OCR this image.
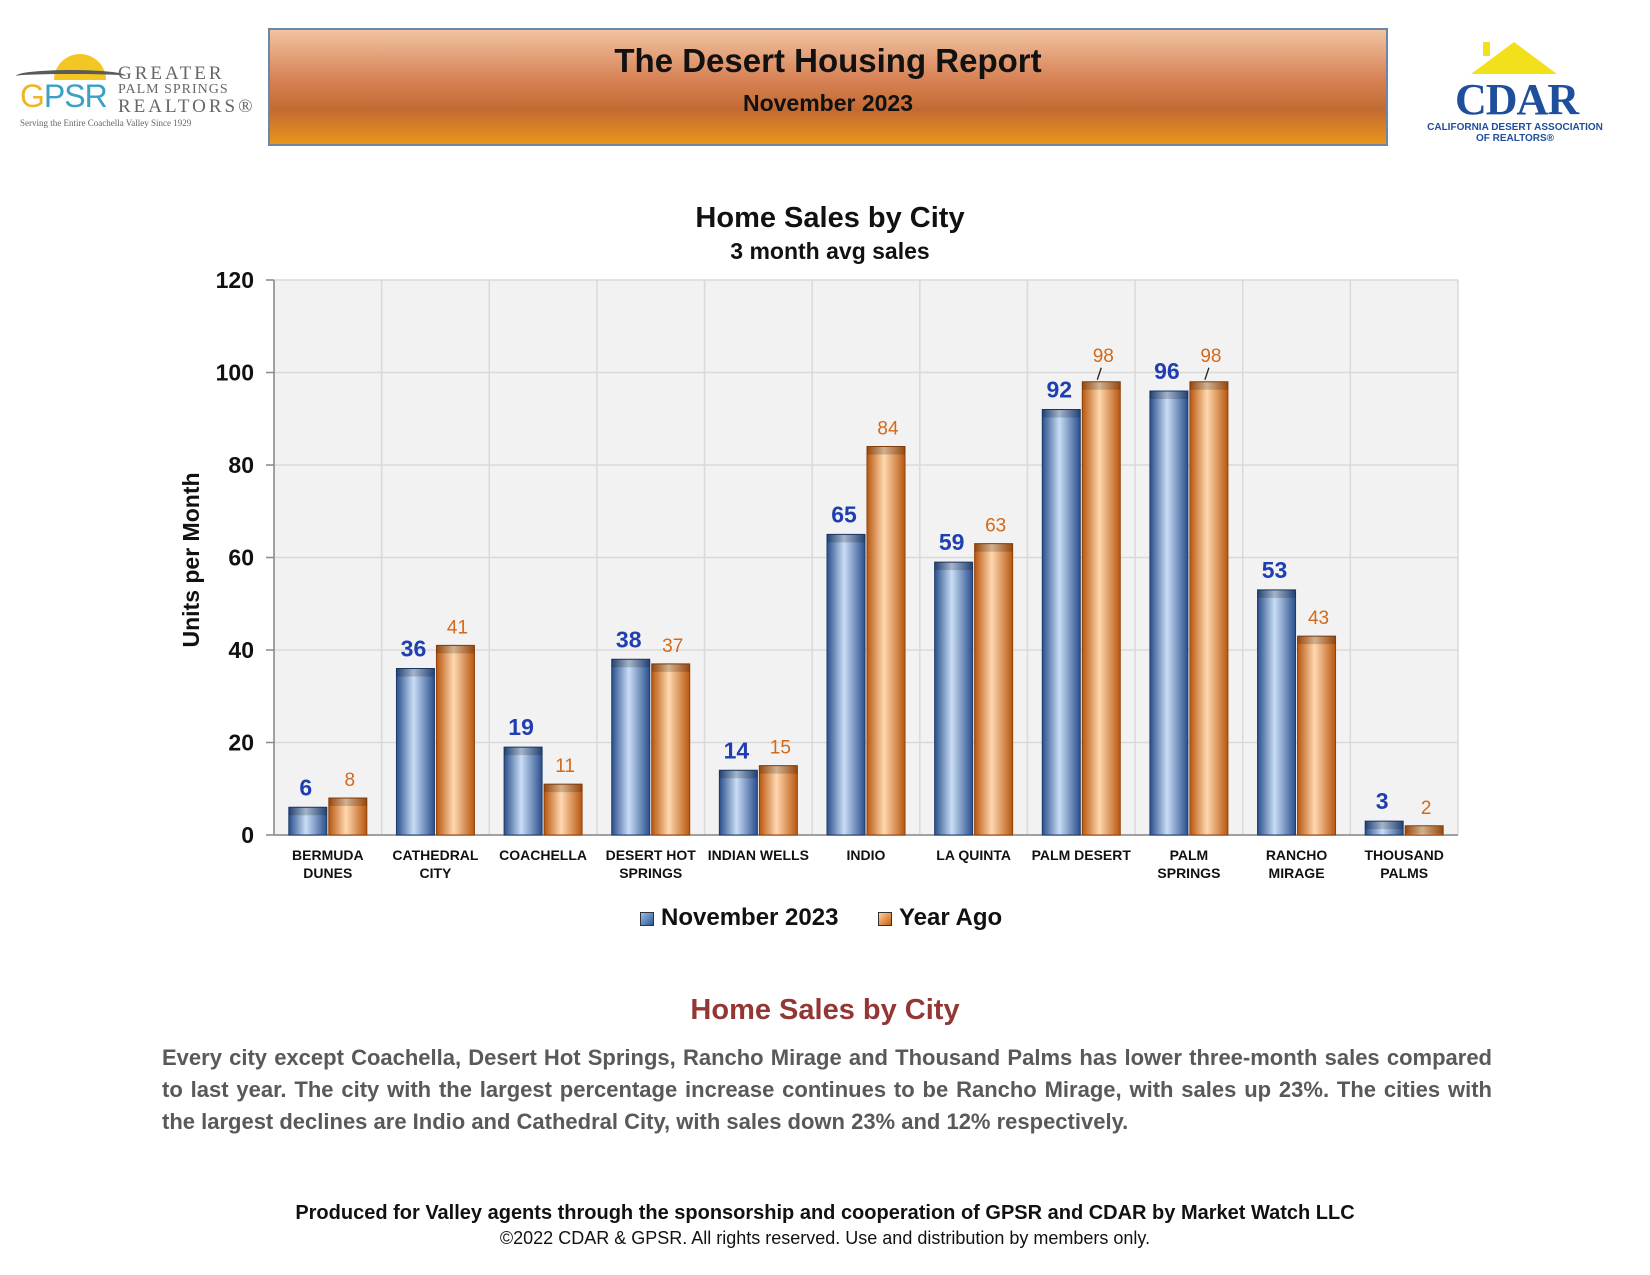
GPSR
GREATER
PALM SPRINGS
REALTORS®
Serving the Entire Coachella Valley Since 1929
The Desert Housing Report
November 2023	CDAR
CALIFORNIA DESERT ASSOCIATION
OF REALTORS®
Home Sales by City
3 month avg sales
0
20
40
60
80
100
120
6 8
36
41
19
11
38 37
14 15
65
84
59
63
92
98
96
98
53
43
3 2
BERMUDA
DUNES
CATHEDRAL
CITY
COACHELLA DESERT HOT
SPRINGS
INDIAN WELLS	INDIO	LA QUINTA PALM DESERT	PALM
SPRINGS
RANCHO
MIRAGE
THOUSAND
PALMS
Units per Month
November 2023	Year Ago
Home Sales by City
Every city except Coachella, Desert Hot Springs, Rancho Mirage and Thousand Palms has lower three-month sales compared to last year. The city with the largest percentage increase continues to be Rancho Mirage, with sales up 23%. The cities with the largest declines are Indio and Cathedral City, with sales down 23% and 12% respectively.
Produced for Valley agents through the sponsorship and cooperation of GPSR and CDAR by Market Watch LLC
©2022 CDAR & GPSR. All rights reserved. Use and distribution by members only.
